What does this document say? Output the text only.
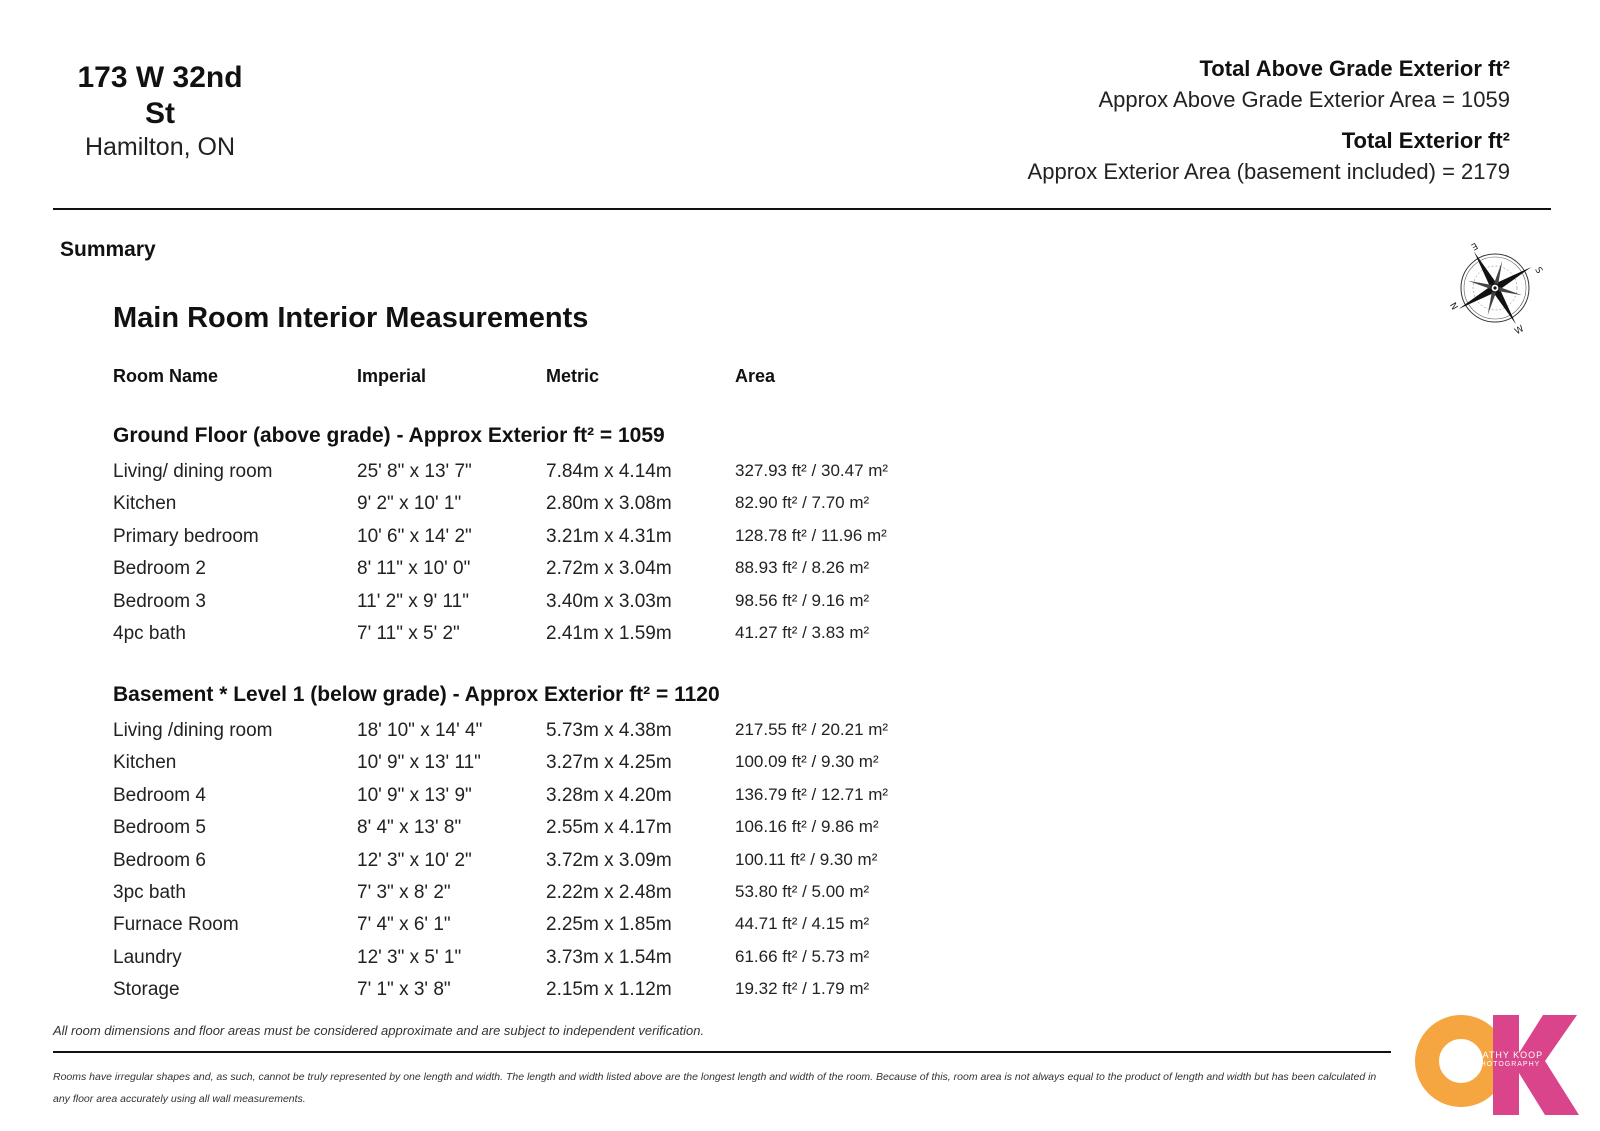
173 W 32nd St
Hamilton, ON
Total Above Grade Exterior ft²
Approx Above Grade Exterior Area = 1059
Total Exterior ft²
Approx Exterior Area (basement included) = 2179
Summary	E
S
N
W
Main Room Interior Measurements
Room Name	Imperial	Metric	Area
Ground Floor (above grade) - Approx Exterior ft² = 1059
Living/ dining room	25' 8" x 13' 7"	7.84m x 4.14m	327.93 ft² / 30.47 m²
Kitchen	9' 2" x 10' 1"	2.80m x 3.08m	82.90 ft² / 7.70 m²
Primary bedroom	10' 6" x 14' 2"	3.21m x 4.31m	128.78 ft² / 11.96 m²
Bedroom 2	8' 11" x 10' 0"	2.72m x 3.04m	88.93 ft² / 8.26 m²
Bedroom 3	11' 2" x 9' 11"	3.40m x 3.03m	98.56 ft² / 9.16 m²
4pc bath	7' 11" x 5' 2"	2.41m x 1.59m	41.27 ft² / 3.83 m²
Basement * Level 1 (below grade) - Approx Exterior ft² = 1120
Living /dining room	18' 10" x 14' 4"	5.73m x 4.38m	217.55 ft² / 20.21 m²
Kitchen	10' 9" x 13' 11"	3.27m x 4.25m	100.09 ft² / 9.30 m²
Bedroom 4	10' 9" x 13' 9"	3.28m x 4.20m	136.79 ft² / 12.71 m²
Bedroom 5	8' 4" x 13' 8"	2.55m x 4.17m	106.16 ft² / 9.86 m²
Bedroom 6	12' 3" x 10' 2"	3.72m x 3.09m	100.11 ft² / 9.30 m²
3pc bath	7' 3" x 8' 2"	2.22m x 2.48m	53.80 ft² / 5.00 m²
Furnace Room	7' 4" x 6' 1"	2.25m x 1.85m	44.71 ft² / 4.15 m²
Laundry	12' 3" x 5' 1"	3.73m x 1.54m	61.66 ft² / 5.73 m²
Storage	7' 1" x 3' 8"	2.15m x 1.12m	19.32 ft² / 1.79 m²
All room dimensions and floor areas must be considered approximate and are subject to independent verification.
Rooms have irregular shapes and, as such, cannot be truly represented by one length and width. The length and width listed above are the longest length and width of the room. Because of this, room area is not always equal to the product of length and width but has been calculated in any floor area accurately using all wall measurements.
CATHY KOOP
PHOTOGRAPHY
